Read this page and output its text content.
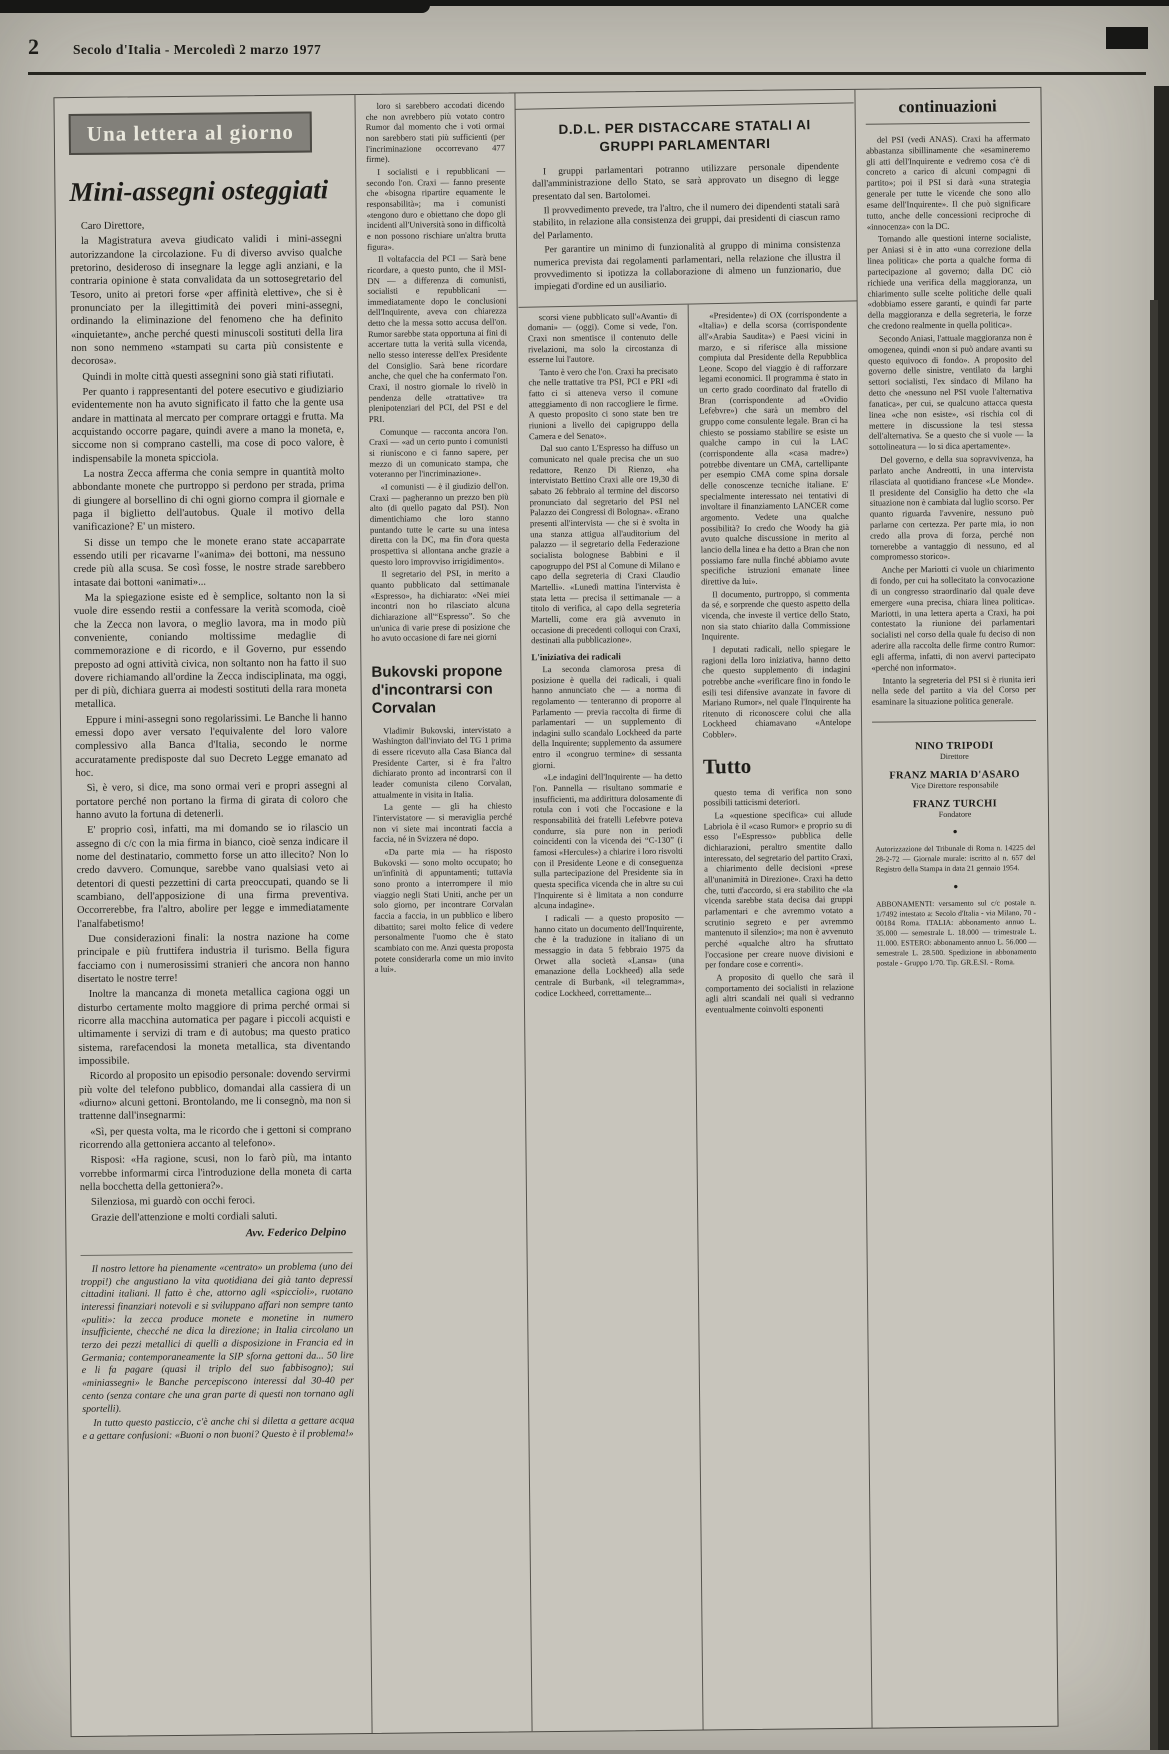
2	Secolo d'Italia - Mercoledì 2 marzo 1977
Una lettera al giorno
Mini-assegni osteggiati

Caro Direttore,

la Magistratura aveva giudicato validi i mini-assegni autorizzandone la circolazione. Fu di diverso avviso qualche pretorino, desideroso di insegnare la legge agli anziani, e la contraria opinione è stata convalidata da un sottosegretario del Tesoro, unito ai pretori forse «per affinità elettive», che si è pronunciato per la illegittimità dei poveri mini-assegni, ordinando la eliminazione del fenomeno che ha definito «inquietante», anche perché questi minuscoli sostituti della lira non sono nemmeno «stampati su carta più consistente e decorosa».

Quindi in molte città questi assegnini sono già stati rifiutati.

Per quanto i rappresentanti del potere esecutivo e giudiziario evidentemente non ha avuto significato il fatto che la gente usa andare in mattinata al mercato per comprare ortaggi e frutta. Ma acquistando occorre pagare, quindi avere a mano la moneta, e, siccome non si comprano castelli, ma cose di poco valore, è indispensabile la moneta spicciola.

La nostra Zecca afferma che conia sempre in quantità molto abbondante monete che purtroppo si perdono per strada, prima di giungere al borsellino di chi ogni giorno compra il giornale e paga il biglietto dell'autobus. Quale il motivo della vanificazione? E' un mistero.

Si disse un tempo che le monete erano state accaparrate essendo utili per ricavarne l'«anima» dei bottoni, ma nessuno crede più alla scusa. Se così fosse, le nostre strade sarebbero intasate dai bottoni «animati»...

Ma la spiegazione esiste ed è semplice, soltanto non la si vuole dire essendo restii a confessare la verità scomoda, cioè che la Zecca non lavora, o meglio lavora, ma in modo più conveniente, coniando moltissime medaglie di commemorazione e di ricordo, e il Governo, pur essendo preposto ad ogni attività civica, non soltanto non ha fatto il suo dovere richiamando all'ordine la Zecca indisciplinata, ma oggi, per di più, dichiara guerra ai modesti sostituti della rara moneta metallica.

Eppure i mini-assegni sono regolarissimi. Le Banche li hanno emessi dopo aver versato l'equivalente del loro valore complessivo alla Banca d'Italia, secondo le norme accuratamente predisposte dal suo Decreto Legge emanato ad hoc.

Sì, è vero, si dice, ma sono ormai veri e propri assegni al portatore perché non portano la firma di girata di coloro che hanno avuto la fortuna di detenerli.

E' proprio così, infatti, ma mi domando se io rilascio un assegno di c/c con la mia firma in bianco, cioè senza indicare il nome del destinatario, commetto forse un atto illecito? Non lo credo davvero. Comunque, sarebbe vano qualsiasi veto ai detentori di questi pezzettini di carta preoccupati, quando se li scambiano, dell'apposizione di una firma preventiva. Occorrerebbe, fra l'altro, abolire per legge e immediatamente l'analfabetismo!

Due considerazioni finali: la nostra nazione ha come principale e più fruttifera industria il turismo. Bella figura facciamo con i numerosissimi stranieri che ancora non hanno disertato le nostre terre!

Inoltre la mancanza di moneta metallica cagiona oggi un disturbo certamente molto maggiore di prima perché ormai si ricorre alla macchina automatica per pagare i piccoli acquisti e ultimamente i servizi di tram e di autobus; ma questo pratico sistema, rarefacendosi la moneta metallica, sta diventando impossibile.

Ricordo al proposito un episodio personale: dovendo servirmi più volte del telefono pubblico, domandai alla cassiera di un «diurno» alcuni gettoni. Brontolando, me li consegnò, ma non si trattenne dall'insegnarmi:

«Sì, per questa volta, ma le ricordo che i gettoni si comprano ricorrendo alla gettoniera accanto al telefono».

Risposi: «Ha ragione, scusi, non lo farò più, ma intanto vorrebbe informarmi circa l'introduzione della moneta di carta nella bocchetta della gettoniera?».

Silenziosa, mi guardò con occhi feroci.

Grazie dell'attenzione e molti cordiali saluti.

Avv. Federico Delpino

Il nostro lettore ha pienamente «centrato» un problema (uno dei troppi!) che angustiano la vita quotidiana dei già tanto depressi cittadini italiani. Il fatto è che, attorno agli «spiccioli», ruotano interessi finanziari notevoli e si sviluppano affari non sempre tanto «puliti»: la zecca produce monete e monetine in numero insufficiente, checché ne dica la direzione; in Italia circolano un terzo dei pezzi metallici di quelli a disposizione in Francia ed in Germania; contemporaneamente la SIP sforna gettoni da... 50 lire e li fa pagare (quasi il triplo del suo fabbisogno); sui «miniassegni» le Banche percepiscono interessi dal 30-40 per cento (senza contare che una gran parte di questi non tornano agli sportelli).

In tutto questo pasticcio, c'è anche chi si diletta a gettare acqua e a gettare confusioni: «Buoni o non buoni? Questo è il problema!»

loro si sarebbero accodati dicendo che non avrebbero più votato contro Rumor dal momento che i voti ormai non sarebbero stati più sufficienti (per l'incriminazione occorrevano 477 firme).

I socialisti e i repubblicani — secondo l'on. Craxi — fanno presente che «bisogna ripartire equamente le responsabilità»; ma i comunisti «tengono duro e obiettano che dopo gli incidenti all'Università sono in difficoltà e non possono rischiare un'altra brutta figura».

Il voltafaccia del PCI — Sarà bene ricordare, a questo punto, che il MSI-DN — a differenza di comunisti, socialisti e repubblicani — immediatamente dopo le conclusioni dell'Inquirente, aveva con chiarezza detto che la messa sotto accusa dell'on. Rumor sarebbe stata opportuna ai fini di accertare tutta la verità sulla vicenda, nello stesso interesse dell'ex Presidente del Consiglio. Sarà bene ricordare anche, che quel che ha confermato l'on. Craxi, il nostro giornale lo rivelò in pendenza delle «trattative» tra plenipotenziari del PCI, del PSI e del PRI.

Comunque — racconta ancora l'on. Craxi — «ad un certo punto i comunisti si riuniscono e ci fanno sapere, per mezzo di un comunicato stampa, che voteranno per l'incriminazione».

«I comunisti — è il giudizio dell'on. Craxi — pagheranno un prezzo ben più alto (di quello pagato dal PSI). Non dimentichiamo che loro stanno puntando tutte le carte su una intesa diretta con la DC, ma fin d'ora questa prospettiva si allontana anche grazie a questo loro improvviso irrigidimento».

Il segretario del PSI, in merito a quanto pubblicato dal settimanale «Espresso», ha dichiarato: «Nei miei incontri non ho rilasciato alcuna dichiarazione all'“Espresso”. So che un'unica di varie prese di posizione che ho avuto occasione di fare nei giorni

Bukovski propone d'incontrarsi con Corvalan

Vladimir Bukovski, intervistato a Washington dall'inviato del TG 1 prima di essere ricevuto alla Casa Bianca dal Presidente Carter, si è fra l'altro dichiarato pronto ad incontrarsi con il leader comunista cileno Corvalan, attualmente in visita in Italia.

La gente — gli ha chiesto l'intervistatore — si meraviglia perché non vi siete mai incontrati faccia a faccia, né in Svizzera né dopo.

«Da parte mia — ha risposto Bukovski — sono molto occupato; ho un'infinità di appuntamenti; tuttavia sono pronto a interrompere il mio viaggio negli Stati Uniti, anche per un solo giorno, per incontrare Corvalan faccia a faccia, in un pubblico e libero dibattito; sarei molto felice di vedere personalmente l'uomo che è stato scambiato con me. Anzi questa proposta potete considerarla come un mio invito a lui».

D.D.L. PER DISTACCARE STATALI AI GRUPPI PARLAMENTARI

I gruppi parlamentari potranno utilizzare personale dipendente dall'amministrazione dello Stato, se sarà approvato un disegno di legge presentato dal sen. Bartolomei.

Il provvedimento prevede, tra l'altro, che il numero dei dipendenti statali sarà stabilito, in relazione alla consistenza dei gruppi, dai presidenti di ciascun ramo del Parlamento.

Per garantire un minimo di funzionalità al gruppo di minima consistenza numerica prevista dai regolamenti parlamentari, nella relazione che illustra il provvedimento si ipotizza la collaborazione di almeno un funzionario, due impiegati d'ordine ed un ausiliario.

scorsi viene pubblicato sull'«Avanti» di domani» — (oggi). Come si vede, l'on. Craxi non smentisce il contenuto delle rivelazioni, ma solo la circostanza di esserne lui l'autore.

Tanto è vero che l'on. Craxi ha precisato che nelle trattative tra PSI, PCI e PRI «di fatto ci si atteneva verso il comune atteggiamento di non raccogliere le firme. A questo proposito ci sono state ben tre riunioni a livello dei capigruppo della Camera e del Senato».

Dal suo canto L'Espresso ha diffuso un comunicato nel quale precisa che un suo redattore, Renzo Di Rienzo, «ha intervistato Bettino Craxi alle ore 19,30 di sabato 26 febbraio al termine del discorso pronunciato dal segretario del PSI nel Palazzo dei Congressi di Bologna». «Erano presenti all'intervista — che si è svolta in una stanza attigua all'auditorium del palazzo — il segretario della Federazione socialista bolognese Babbini e il capogruppo del PSI al Comune di Milano e capo della segreteria di Craxi Claudio Martelli». «Lunedì mattina l'intervista è stata letta — precisa il settimanale — a titolo di verifica, al capo della segreteria Martelli, come era già avvenuto in occasione di precedenti colloqui con Craxi, destinati alla pubblicazione».

L'iniziativa dei radicali

La seconda clamorosa presa di posizione è quella dei radicali, i quali hanno annunciato che — a norma di regolamento — tenteranno di proporre al Parlamento — previa raccolta di firme di parlamentari — un supplemento di indagini sullo scandalo Lockheed da parte della Inquirente; supplemento da assumere entro il «congruo termine» di sessanta giorni.

«Le indagini dell'Inquirente — ha detto l'on. Pannella — risultano sommarie e insufficienti, ma addirittura dolosamente di rotula con i voti che l'occasione e la responsabilità dei fratelli Lefebvre poteva condurre, sia pure non in periodi coincidenti con la vicenda dei “C-130” (i famosi «Hercules») a chiarire i loro risvolti con il Presidente Leone e di conseguenza sulla partecipazione del Presidente sia in questa specifica vicenda che in altre su cui l'Inquirente si è limitata a non condurre alcuna indagine».

I radicali — a questo proposito — hanno citato un documento dell'Inquirente, che è la traduzione in italiano di un messaggio in data 5 febbraio 1975 da Orwet alla società «Lansa» (una emanazione della Lockheed) alla sede centrale di Burbank, «il telegramma», codice Lockheed, correttamente...

«Presidente») di OX (corrispondente a «Italia») e della scorsa (corrispondente all'«Arabia Saudita») e Paesi vicini in marzo, e si riferisce alla missione compiuta dal Presidente della Repubblica Leone. Scopo del viaggio è di rafforzare legami economici. Il programma è stato in un certo grado coordinato dal fratello di Bran (corrispondente ad «Ovidio Lefebvre») che sarà un membro del gruppo come consulente legale. Bran ci ha chiesto se possiamo stabilire se esiste un qualche campo in cui la LAC (corrispondente alla «casa madre») potrebbe diventare un CMA, cartellipante per esempio CMA come spina dorsale delle conoscenze tecniche italiane. E' specialmente interessato nei tentativi di involtare il finanziamento LANCER come argomento. Vedete una qualche possibilità? Io credo che Woody ha già avuto qualche discussione in merito al lancio della linea e ha detto a Bran che non possiamo fare nulla finché abbiamo avute specifiche istruzioni emanate linee direttive da lui».

Il documento, purtroppo, si commenta da sé, e sorprende che questo aspetto della vicenda, che investe il vertice dello Stato, non sia stato chiarito dalla Commissione Inquirente.

I deputati radicali, nello spiegare le ragioni della loro iniziativa, hanno detto che questo supplemento di indagini potrebbe anche «verificare fino in fondo le esili tesi difensive avanzate in favore di Mariano Rumor», nel quale l'Inquirente ha ritenuto di riconoscere colui che alla Lockheed chiamavano «Antelope Cobbler».

Tutto

questo tema di verifica non sono possibili tatticismi deteriori.

La «questione specifica» cui allude Labriola è il «caso Rumor» e proprio su di esso l'«Espresso» pubblica delle dichiarazioni, peraltro smentite dallo interessato, del segretario del partito Craxi, a chiarimento delle decisioni «prese all'unanimità in Direzione». Craxi ha detto che, tutti d'accordo, si era stabilito che «la vicenda sarebbe stata decisa dai gruppi parlamentari e che avremmo votato a scrutinio segreto e per avremmo mantenuto il silenzio»; ma non è avvenuto perché «qualche altro ha sfruttato l'occasione per creare nuove divisioni e per fondare cose e correnti».

A proposito di quello che sarà il comportamento dei socialisti in relazione agli altri scandali nei quali si vedranno eventualmente coinvolti esponenti

continuazioni

del PSI (vedi ANAS). Craxi ha affermato abbastanza sibillinamente che «esamineremo gli atti dell'Inquirente e vedremo cosa c'è di concreto a carico di alcuni compagni di partito»; poi il PSI si darà «una strategia generale per tutte le vicende che sono allo esame dell'Inquirente». Il che può significare tutto, anche delle concessioni reciproche di «innocenza» con la DC.

Tornando alle questioni interne socialiste, per Aniasi si è in atto «una correzione della linea politica» che porta a qualche forma di partecipazione al governo; dalla DC ciò richiede una verifica della maggioranza, un chiarimento sulle scelte politiche delle quali «dobbiamo essere garanti, e quindi far parte della maggioranza e della segreteria, le forze che credono realmente in quella politica».

Secondo Aniasi, l'attuale maggioranza non è omogenea, quindi «non si può andare avanti su questo equivoco di fondo». A proposito del governo delle sinistre, ventilato da larghi settori socialisti, l'ex sindaco di Milano ha detto che «nessuno nel PSI vuole l'alternativa fanatica», per cui, se qualcuno attacca questa linea «che non esiste», «si rischia col di mettere in discussione la tesi stessa dell'alternativa. Se a questo che si vuole — la sottolineatura — lo si dica apertamente».

Del governo, e della sua sopravvivenza, ha parlato anche Andreotti, in una intervista rilasciata al quotidiano francese «Le Monde». Il presidente del Consiglio ha detto che «la situazione non è cambiata dal luglio scorso. Per quanto riguarda l'avvenire, nessuno può parlarne con certezza. Per parte mia, io non credo alla prova di forza, perché non tornerebbe a vantaggio di nessuno, ed al compromesso storico».

Anche per Mariotti ci vuole un chiarimento di fondo, per cui ha sollecitato la convocazione di un congresso straordinario dal quale deve emergere «una precisa, chiara linea politica». Mariotti, in una lettera aperta a Craxi, ha poi contestato la riunione dei parlamentari socialisti nel corso della quale fu deciso di non aderire alla raccolta delle firme contro Rumor: egli afferma, infatti, di non avervi partecipato «perché non informato».

Intanto la segreteria del PSI si è riunita ieri nella sede del partito a via del Corso per esaminare la situazione politica generale.

NINO TRIPODI
Direttore
FRANZ MARIA D'ASARO
Vice Direttore responsabile
FRANZ TURCHI
Fondatore
●

Autorizzazione del Tribunale di Roma n. 14225 del 28-2-72 — Giornale murale: iscritto al n. 657 del Registro della Stampa in data 21 gennaio 1954.

●

ABBONAMENTI: versamento sul c/c postale n. 1/7492 intestato a: Secolo d'Italia - via Milano, 70 - 00184 Roma. ITALIA: abbonamento annuo L. 35.000 — semestrale L. 18.000 — trimestrale L. 11.000. ESTERO: abbonamento annuo L. 56.000 — semestrale L. 28.500. Spedizione in abbonamento postale - Gruppo 1/70. Tip. GR.E.SI. - Roma.
